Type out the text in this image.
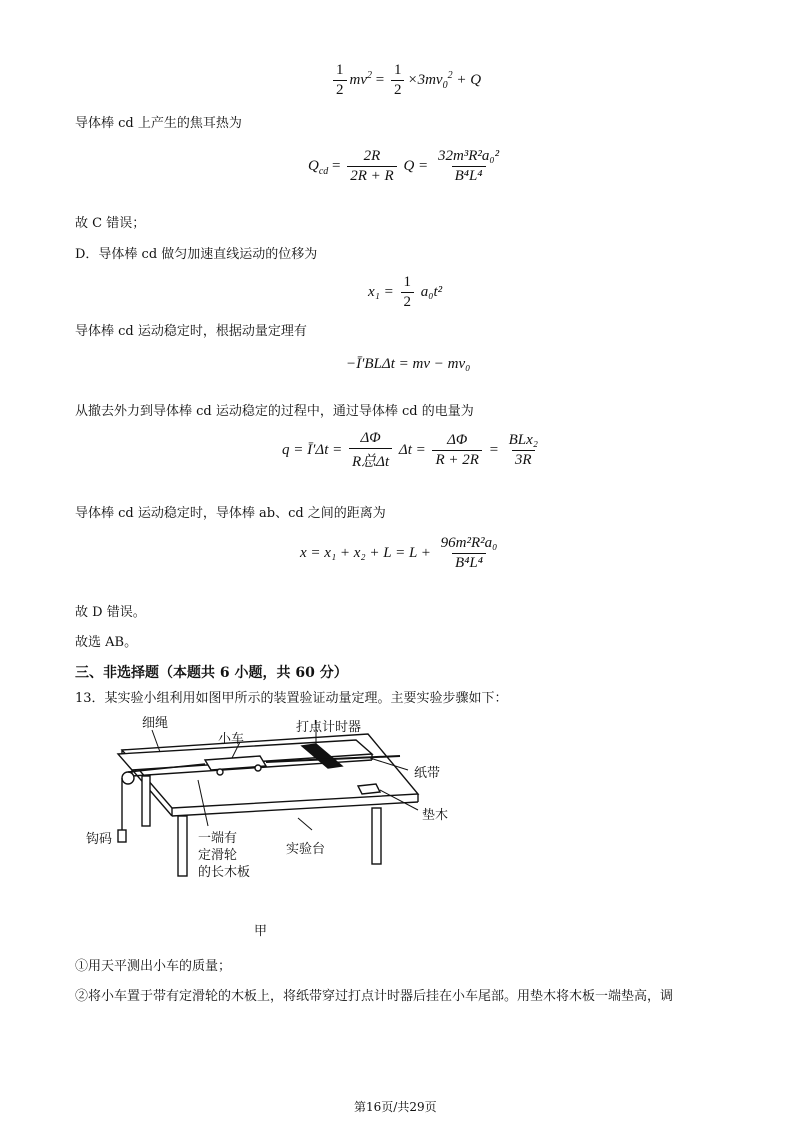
$\frac{1}{2} mv^2 = \frac{1}{2} \times 3mv_0^2 + Q$
导体棒 cd 上产生的焦耳热为
$Q_{cd} = \frac{2R}{2R + R}$ $Q = \frac{\text{32m³R²a₀²}}{\text{B⁴L⁴}}$
故 C 错误；
D．导体棒 cd 做匀加速直线运动的位移为
$x_1 = \frac{1}{2} a_0t^2$
导体棒 cd 运动稳定时，根据动量定理有
−Ī′BLΔt = mv − mv₀
从撤去外力到导体棒 cd 运动稳定的过程中，通过导体棒 cd 的电量为
q = Ī′Δt = $\frac{\Delta\Phi}{\text{R总Δt}}$ $\Delta t = \frac{\Delta\Phi}{R + 2R} = \frac{\text{BLx₂}}{3R}$
导体棒 cd 运动稳定时，导体棒 ab、cd 之间的距离为
$x = x_1 + x_2 + L = L + \frac{\text{96m²R²a₀}}{\text{B⁴L⁴}}$
故 D 错误。
故选 AB。
三、非选择题（本题共 6 小题，共 60 分）
13．某实验小组利用如图甲所示的装置验证动量定理。主要实验步骤如下：
细绳
小车
打点计时器
纸带
垫木
钩码	一端有
定滑轮
的长木板
实验台
甲
①用天平测出小车的质量；
②将小车置于带有定滑轮的木板上，将纸带穿过打点计时器后挂在小车尾部。用垫木将木板一端垫高，调
第16页/共29页
